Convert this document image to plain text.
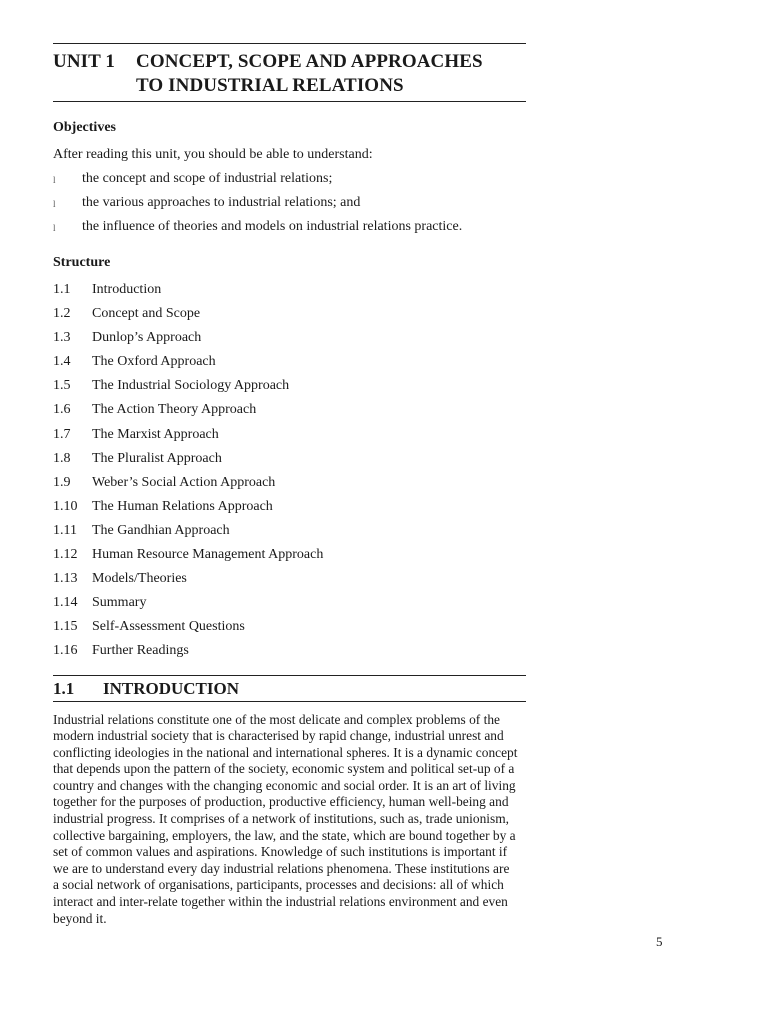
UNIT 1	CONCEPT, SCOPE AND APPROACHES
TO INDUSTRIAL RELATIONS
Objectives
After reading this unit, you should be able to understand:
l	the concept and scope of industrial relations;
l	the various approaches to industrial relations; and
l	the influence of theories and models on industrial relations practice.
Structure
1.1	Introduction
1.2	Concept and Scope
1.3	Dunlop’s Approach
1.4	The Oxford Approach
1.5	The Industrial Sociology Approach
1.6	The Action Theory Approach
1.7	The Marxist Approach
1.8	The Pluralist Approach
1.9	Weber’s Social Action Approach
1.10	The Human Relations Approach
1.11	The Gandhian Approach
1.12	Human Resource Management Approach
1.13	Models/Theories
1.14	Summary
1.15	Self-Assessment Questions
1.16	Further Readings
1.1	INTRODUCTION
Industrial relations constitute one of the most delicate and complex problems of the
modern industrial society that is characterised by rapid change, industrial unrest and
conflicting ideologies in the national and international spheres. It is a dynamic concept
that depends upon the pattern of the society, economic system and political set-up of a
country and changes with the changing economic and social order. It is an art of living
together for the purposes of production, productive efficiency, human well-being and
industrial progress. It comprises of a network of institutions, such as, trade unionism,
collective bargaining, employers, the law, and the state, which are bound together by a
set of common values and aspirations. Knowledge of such institutions is important if
we are to understand every day industrial relations phenomena. These institutions are
a social network of organisations, participants, processes and decisions: all of which
interact and inter-relate together within the industrial relations environment and even
beyond it.
5
